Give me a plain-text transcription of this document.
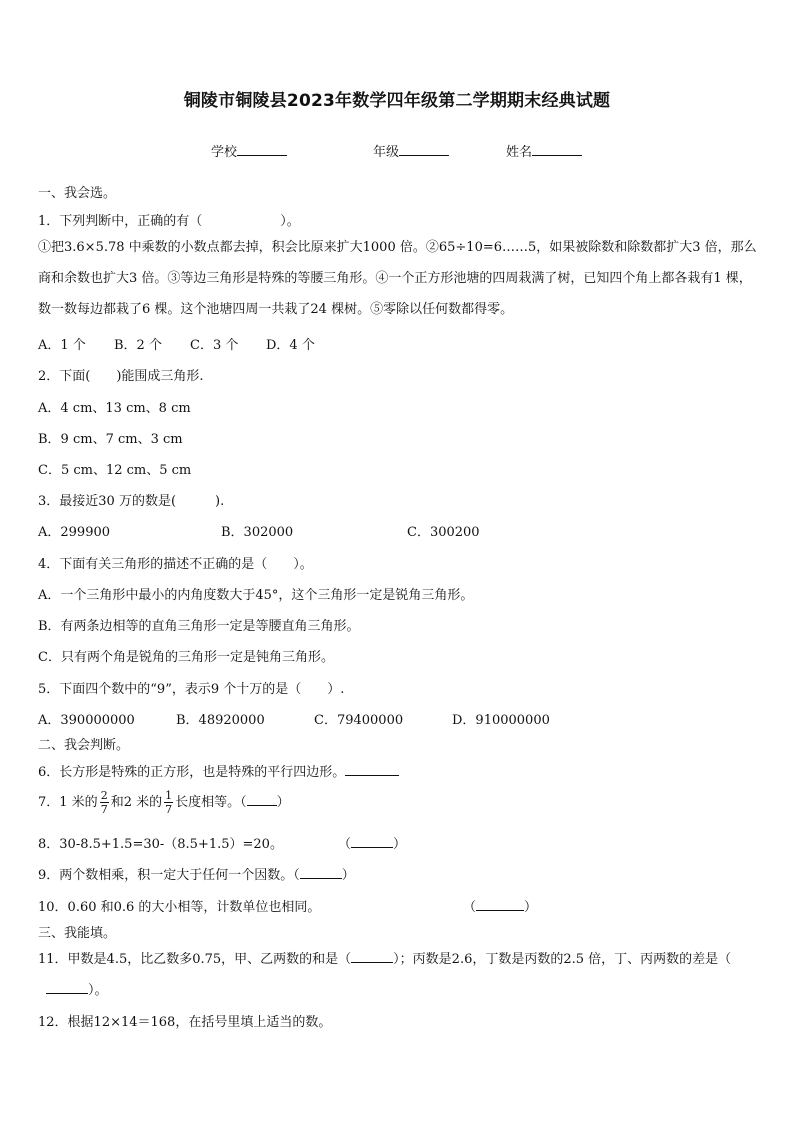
铜陵市铜陵县2023年数学四年级第二学期期末经典试题
学校	年级	姓名
一、我会选。
1．下列判断中，正确的有（　　　　　　）。
①把3.6×5.78 中乘数的小数点都去掉，积会比原来扩大1000 倍。②65÷10=6……5，如果被除数和除数都扩大3 倍，那么商和余数也扩大3 倍。③等边三角形是特殊的等腰三角形。④一个正方形池塘的四周栽满了树，已知四个角上都各栽有1 棵，数一数每边都栽了6 棵。这个池塘四周一共栽了24 棵树。⑤零除以任何数都得零。
A．1 个 B．2 个 C．3 个 D．4 个
2．下面(　　)能围成三角形.
A．4 cm、13 cm、8 cm
B．9 cm、7 cm、3 cm
C．5 cm、12 cm、5 cm
3．最接近30 万的数是(　　　).
A．299900	B．302000	C．300200
4．下面有关三角形的描述不正确的是（　　）。
A．一个三角形中最小的内角度数大于45°，这个三角形一定是锐角三角形。
B．有两条边相等的直角三角形一定是等腰直角三角形。
C．只有两个角是锐角的三角形一定是钝角三角形。
5．下面四个数中的“9”，表示9 个十万的是（　　）.
A．390000000	B．48920000	C．79400000	D．910000000
二、我会判断。
6．长方形是特殊的正方形，也是特殊的平行四边形。
7．1 米的 $\frac{2}{7}$ 和2 米的 $\frac{1}{7}$ 长度相等。（ ）
8．30-8.5+1.5=30-（8.5+1.5）=20。	（	）
9．两个数相乘，积一定大于任何一个因数。（	）
10．0.60 和0.6 的大小相等，计数单位也相同。	（	）
三、我能填。
11．甲数是4.5，比乙数多0.75，甲、乙两数的和是（	）；丙数是2.6，丁数是丙数的2.5 倍，丁、丙两数的差是（
）。
12．根据12×14＝168，在括号里填上适当的数。
